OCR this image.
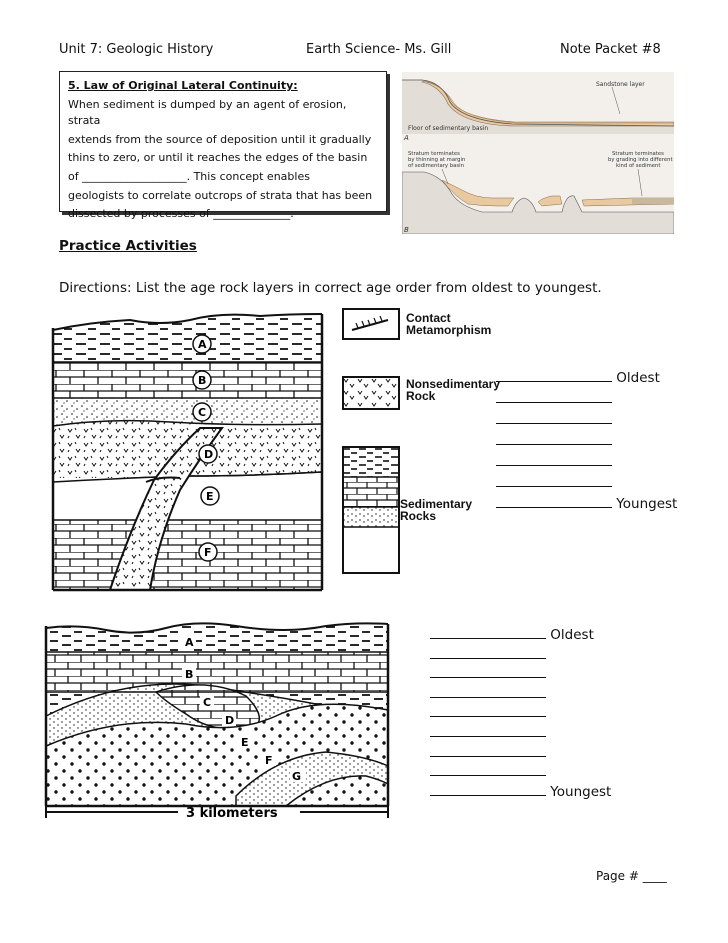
Unit 7: Geologic History	Earth Science- Ms. Gill	Note Packet #8

5. Law of Original Lateral Continuity:

When sediment is dumped by an agent of erosion, strata

extends from the source of deposition until it gradually

thins to zero, or until it reaches the edges of the basin

of ___________________. This concept enables

geologists to correlate outcrops of strata that has been

dissected by processes of ______________.

Sandstone layer
Floor of sedimentary basin
A
Stratum terminates
by thinning at margin
of sedimentary basin
Stratum terminates
by grading into different
kind of sediment
B
Practice Activities
Directions: List the age rock layers in correct age order from oldest to youngest.
A
B
C
D
E
F
Contact
Metamorphism
Nonsedimentary
Rock
Sedimentary
Rocks
Oldest
Youngest
A
B
C
D
E
F
G
3 kilometers
Oldest
Youngest
Page # ____
